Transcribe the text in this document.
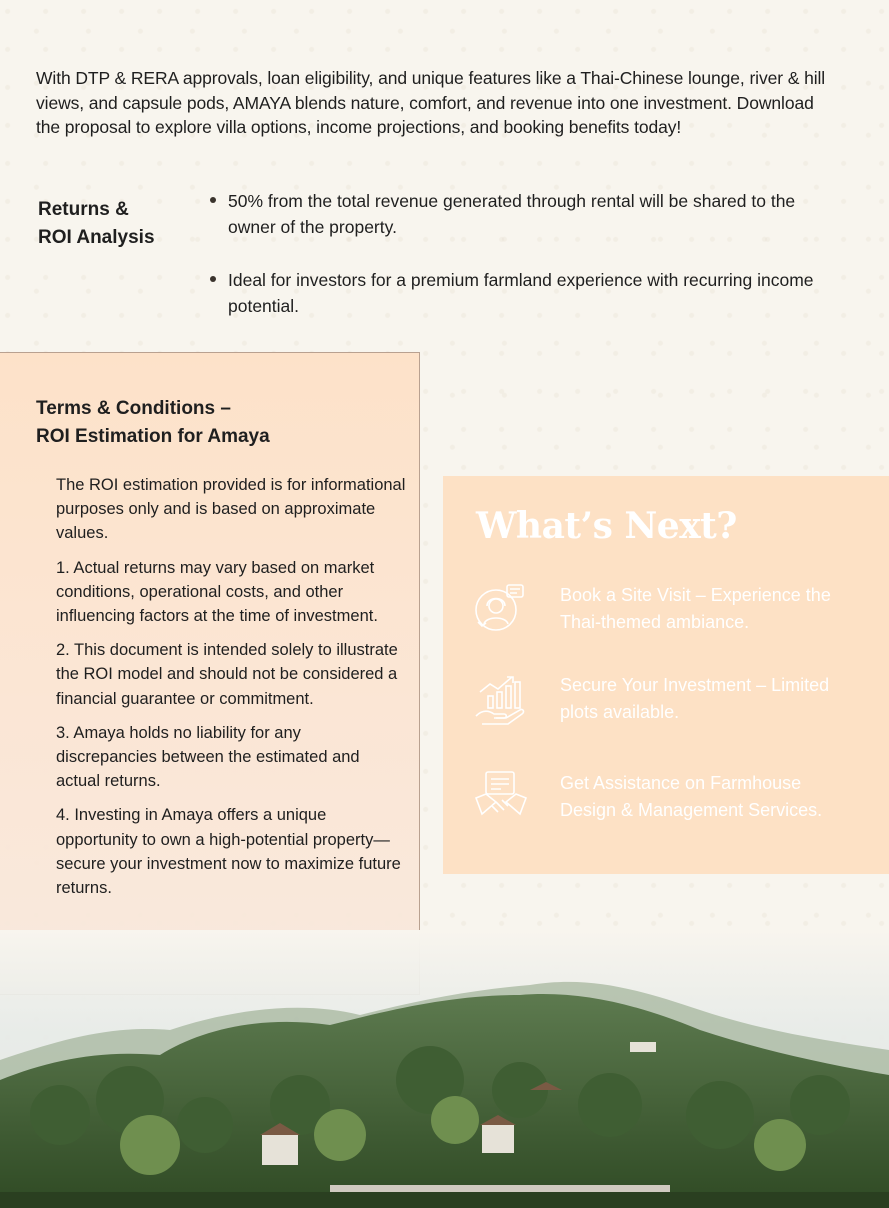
With DTP & RERA approvals, loan eligibility, and unique features like a Thai-Chinese lounge, river & hill views, and capsule pods, AMAYA blends nature, comfort, and revenue into one investment. Download the proposal to explore villa options, income projections, and booking benefits today!

Returns &
ROI Analysis
50% from the total revenue generated through rental will be shared to the owner of the property.
Ideal for investors for a premium farmland experience with recurring income potential.
Terms & Conditions –
ROI Estimation for Amaya

The ROI estimation provided is for informational purposes only and is based on approximate values.

1. Actual returns may vary based on market conditions, operational costs, and other influencing factors at the time of investment.

2. This document is intended solely to illustrate the ROI model and should not be considered a financial guarantee or commitment.

3. Amaya holds no liability for any discrepancies between the estimated and actual returns.

4. Investing in Amaya offers a unique opportunity to own a high-potential property—secure your investment now to maximize future returns.

What’s Next?
Book a Site Visit – Experience the Thai-themed ambiance.
Secure Your Investment – Limited plots available.
Get Assistance on Farmhouse Design & Management Services.
